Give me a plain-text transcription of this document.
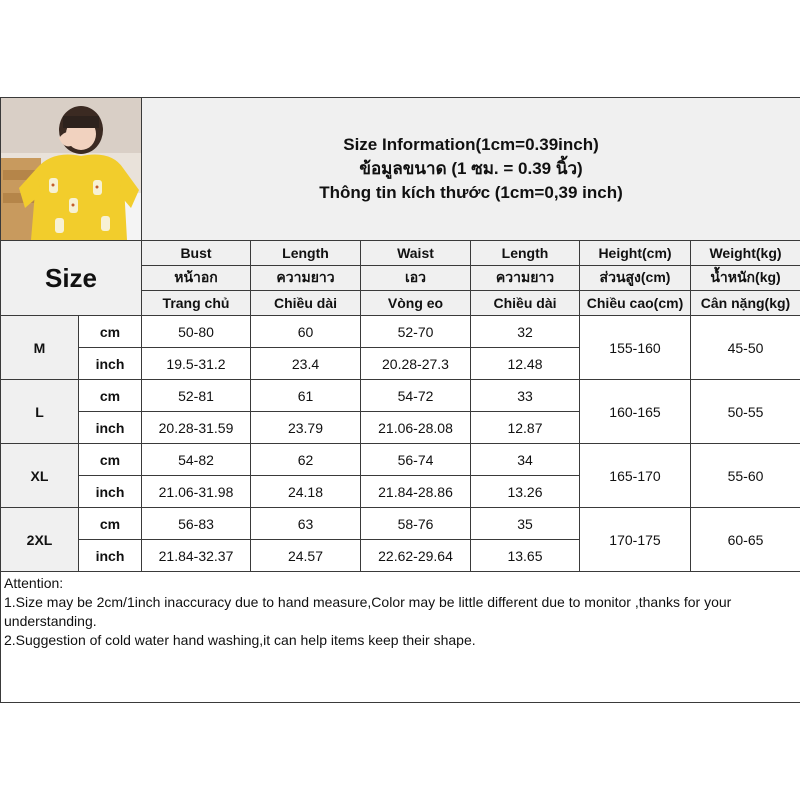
Size Information(1cm=0.39inch)
ข้อมูลขนาด (1 ซม. = 0.39 นิ้ว)
Thông tin kích thước (1cm=0,39 inch)					

Size		Bust	Length	Waist	Length	Height(cm)	Weight(kg)
		หน้าอก	ความยาว	เอว	ความยาว	ส่วนสูง(cm)	น้ำหนัก(kg)
		Trang chủ	Chiều dài	Vòng eo	Chiều dài	Chiều cao(cm)	Cân nặng(kg)
M	cm	50-80	60	52-70	32	155-160	45-50
	inch	19.5-31.2	23.4	20.28-27.3	12.48		
L	cm	52-81	61	54-72	33	160-165	50-55
	inch	20.28-31.59	23.79	21.06-28.08	12.87		
XL	cm	54-82	62	56-74	34	165-170	55-60
	inch	21.06-31.98	24.18	21.84-28.86	13.26		
2XL	cm	56-83	63	58-76	35	170-175	60-65
	inch	21.84-32.37	24.57	22.62-29.64	13.65		

Attention:
1.Size may be 2cm/1inch inaccuracy due to hand measure,Color may be little different due to monitor ,thanks for your understanding.
2.Suggestion of cold water hand washing,it can help items keep their shape.							
